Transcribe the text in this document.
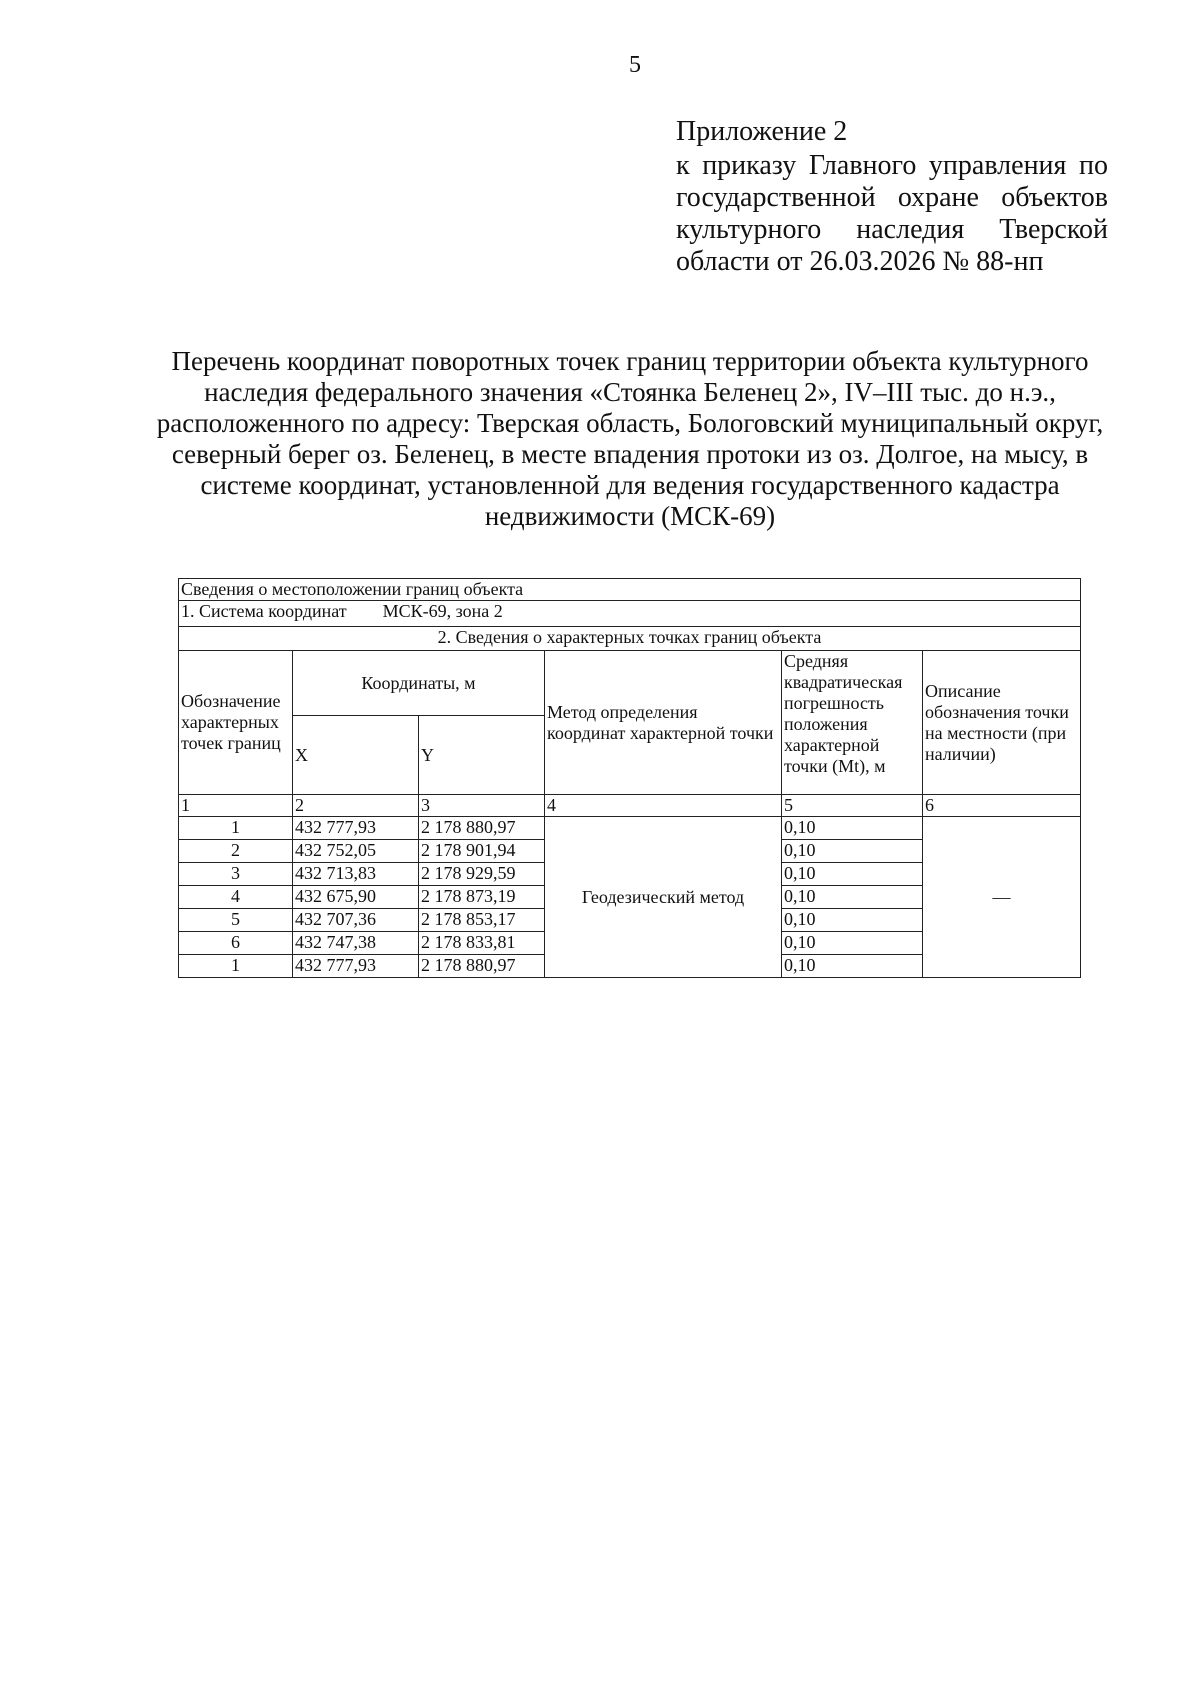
5
Приложение 2
к приказу Главного управления по государственной охране объектов культурного наследия Тверской области от 26.03.2026 № 88-нп
Перечень координат поворотных точек границ территории объекта культурного наследия федерального значения «Стоянка Беленец 2», IV–III тыс. до н.э., расположенного по адресу: Тверская область, Бологовский муниципальный округ, северный берег оз. Беленец, в месте впадения протоки из оз. Долгое, на мысу, в системе координат, установленной для ведения государственного кадастра недвижимости (МСК-69)
Сведения о местоположении границ объекта					
1. Система координат МСК-69, зона 2					
2. Сведения о характерных точках границ объекта					
Обозначение характерных точек границ	Координаты, м		Метод определения координат характерной точки	Средняя квадратическая погрешность положения характерной точки (Mt), м	Описание обозначения точки на местности (при наличии)
	X	Y			
1	2	3	4	5	6
1	432 777,93	2 178 880,97	Геодезический метод	0,10	—
2	432 752,05	2 178 901,94		0,10	
3	432 713,83	2 178 929,59		0,10	
4	432 675,90	2 178 873,19		0,10	
5	432 707,36	2 178 853,17		0,10	
6	432 747,38	2 178 833,81		0,10	
1	432 777,93	2 178 880,97		0,10	
